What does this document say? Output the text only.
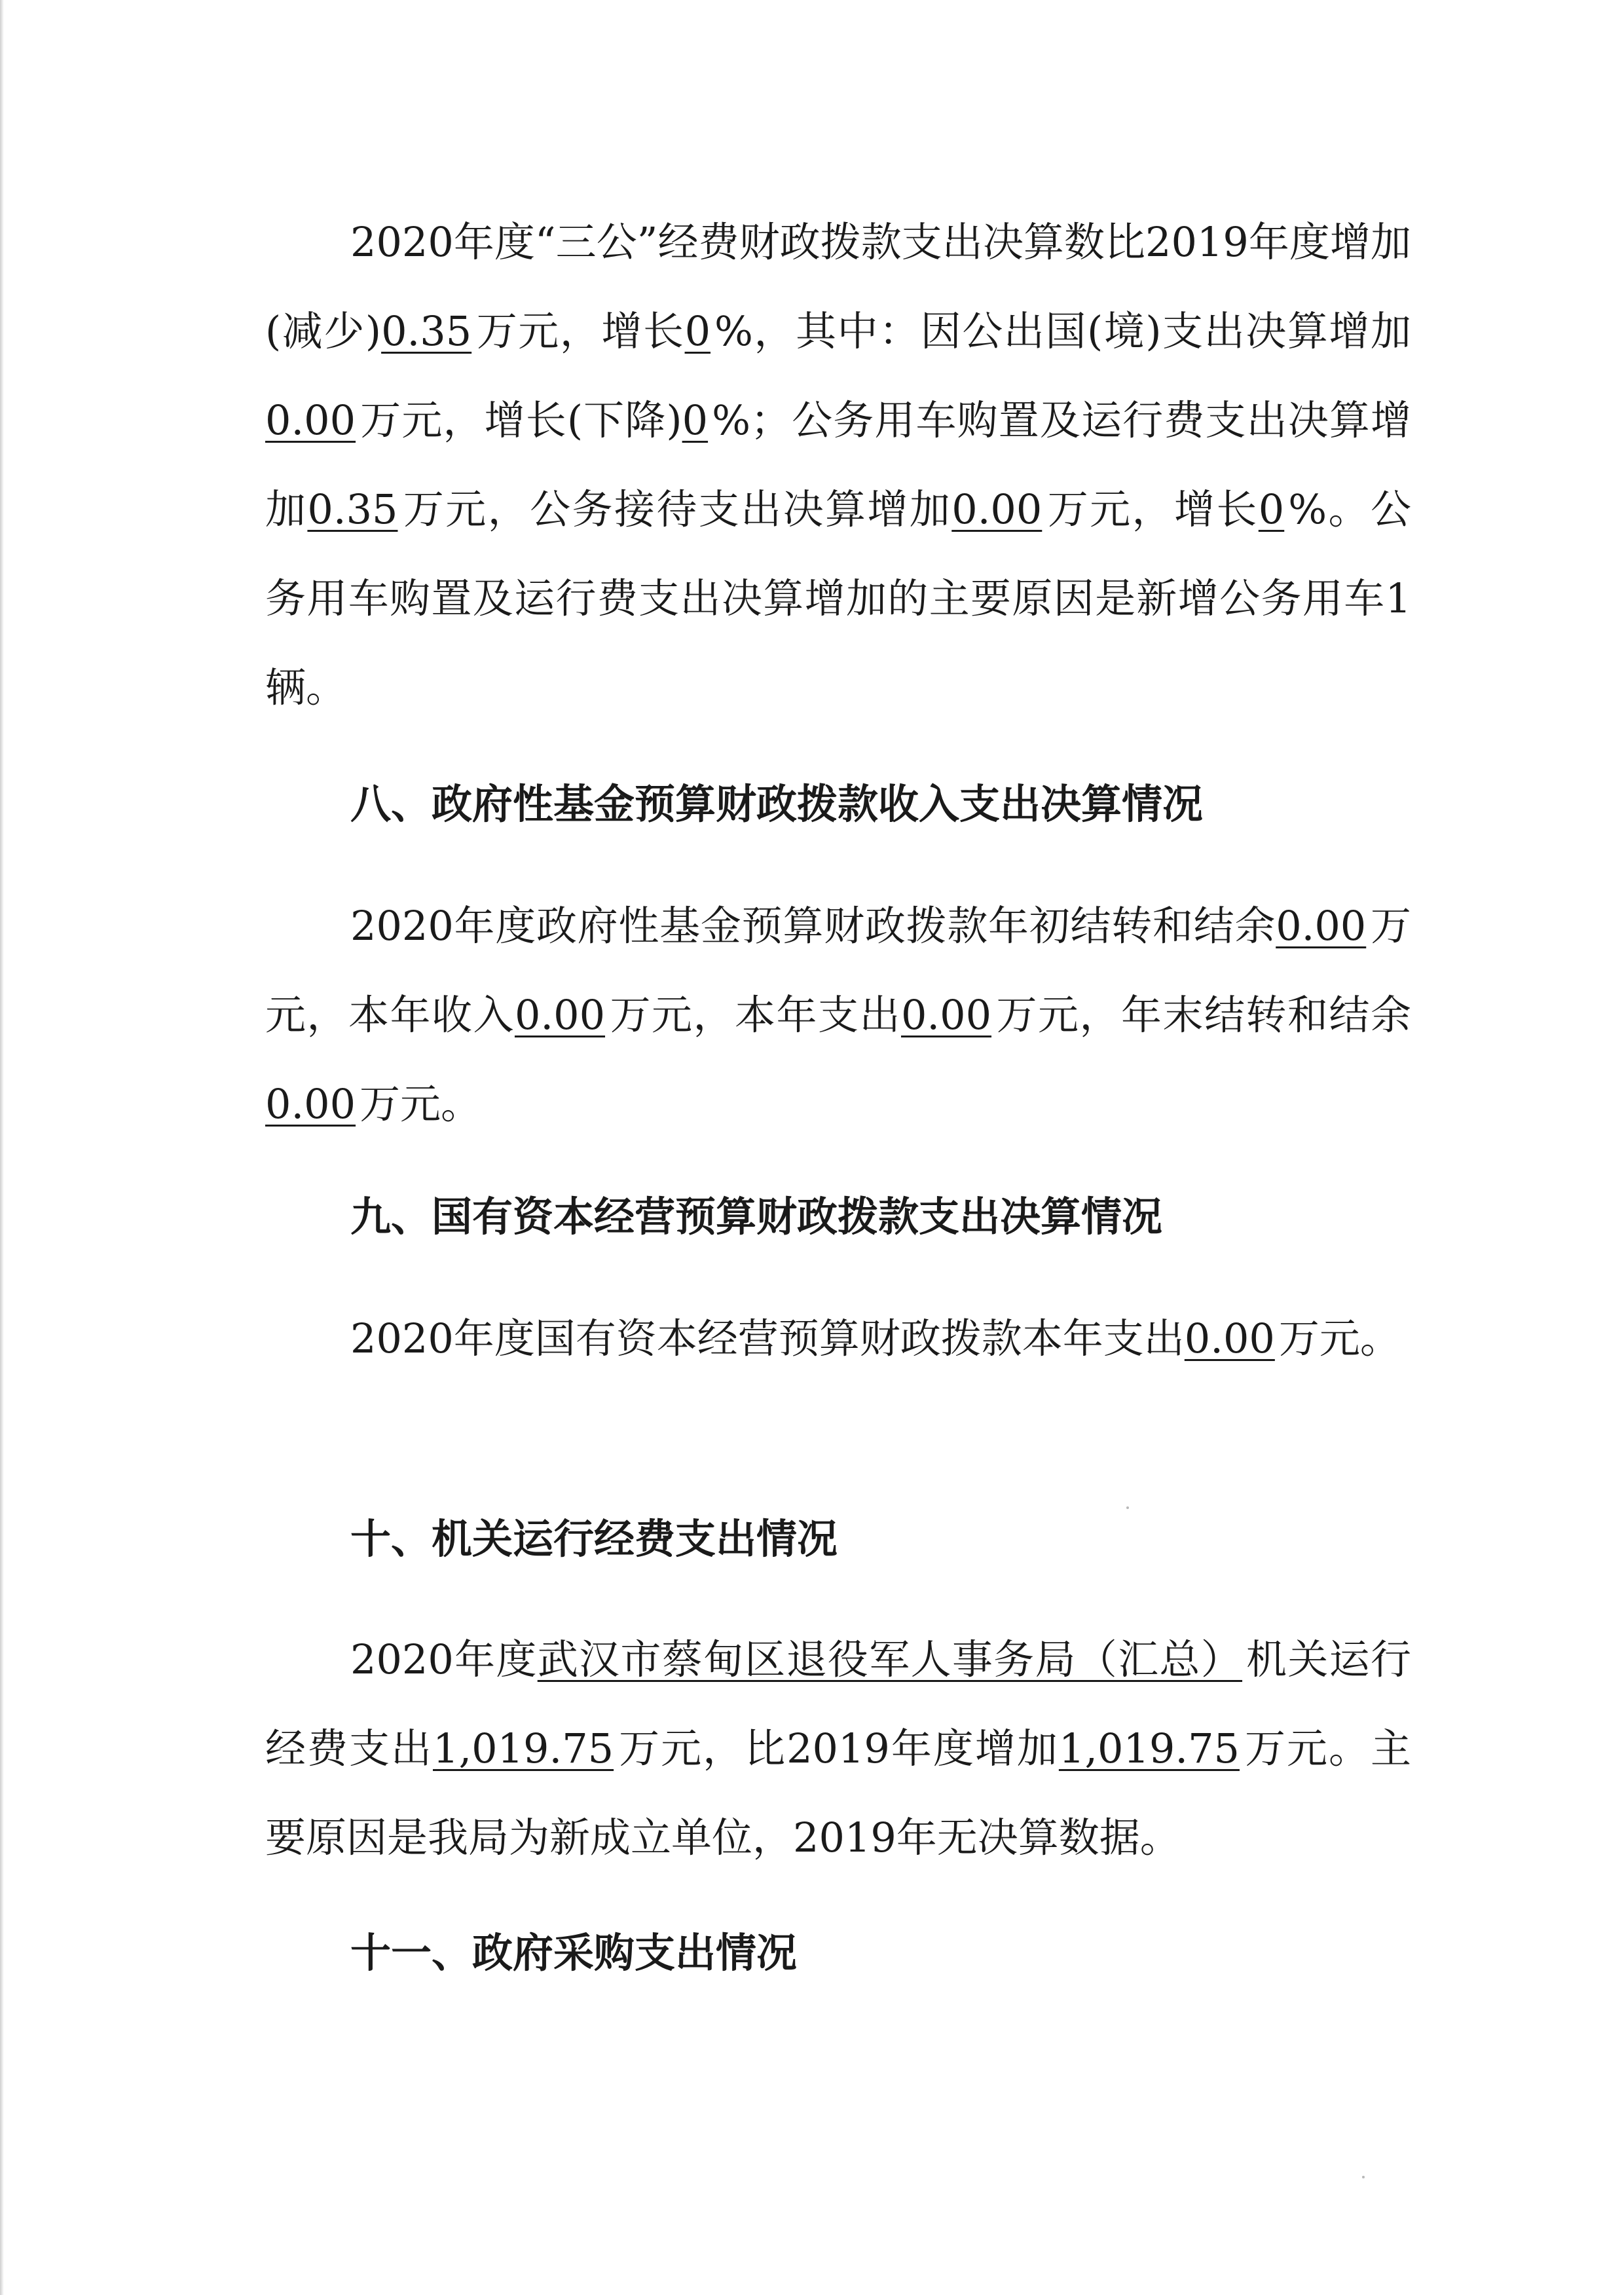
2020年度“三公”经费财政拨款支出决算数比2019年度增加(减少)0.35万元，增长0%，其中：因公出国(境)支出决算增加0.00万元，增长(下降)0%；公务用车购置及运行费支出决算增加0.35万元，公务接待支出决算增加0.00万元，增长0%。公务用车购置及运行费支出决算增加的主要原因是新增公务用车1辆。

八、政府性基金预算财政拨款收入支出决算情况

2020年度政府性基金预算财政拨款年初结转和结余0.00万元，本年收入0.00万元，本年支出0.00万元，年末结转和结余0.00万元。

九、国有资本经营预算财政拨款支出决算情况

2020年度国有资本经营预算财政拨款本年支出0.00万元。

十、机关运行经费支出情况

2020年度武汉市蔡甸区退役军人事务局（汇总）机关运行经费支出1,019.75万元，比2019年度增加1,019.75万元。主要原因是我局为新成立单位，2019年无决算数据。

十一、政府采购支出情况
